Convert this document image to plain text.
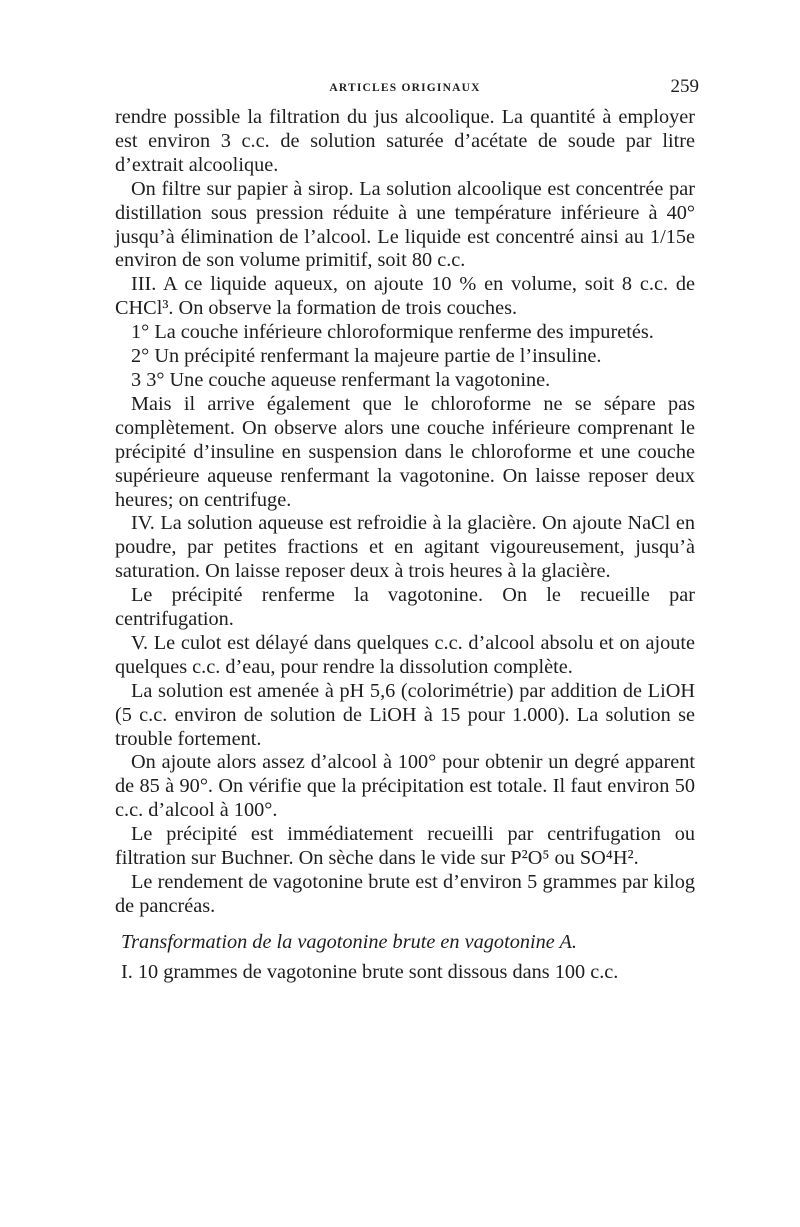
ARTICLES ORIGINAUX	259

rendre possible la filtration du jus alcoolique. La quantité à employer est environ 3 c.c. de solution saturée d’acétate de soude par litre d’extrait alcoolique.

On filtre sur papier à sirop. La solution alcoolique est concentrée par distillation sous pression réduite à une température inférieure à 40° jusqu’à élimination de l’alcool. Le liquide est concentré ainsi au 1/15e environ de son volume primitif, soit 80 c.c.

III. A ce liquide aqueux, on ajoute 10 % en volume, soit 8 c.c. de CHCl³. On observe la formation de trois couches.

1° La couche inférieure chloroformique renferme des impuretés.

2° Un précipité renfermant la majeure partie de l’insuline.

3 3° Une couche aqueuse renfermant la vagotonine.

Mais il arrive également que le chloroforme ne se sépare pas complètement. On observe alors une couche inférieure comprenant le précipité d’insuline en suspension dans le chloroforme et une couche supérieure aqueuse renfermant la vagotonine. On laisse reposer deux heures; on centrifuge.

IV. La solution aqueuse est refroidie à la glacière. On ajoute NaCl en poudre, par petites fractions et en agitant vigoureusement, jusqu’à saturation. On laisse reposer deux à trois heures à la glacière.

Le précipité renferme la vagotonine. On le recueille par centrifugation.

V. Le culot est délayé dans quelques c.c. d’alcool absolu et on ajoute quelques c.c. d’eau, pour rendre la dissolution complète.

La solution est amenée à pH 5,6 (colorimétrie) par addition de LiOH (5 c.c. environ de solution de LiOH à 15 pour 1.000). La solution se trouble fortement.

On ajoute alors assez d’alcool à 100° pour obtenir un degré apparent de 85 à 90°. On vérifie que la précipitation est totale. Il faut environ 50 c.c. d’alcool à 100°.

Le précipité est immédiatement recueilli par centrifugation ou filtration sur Buchner. On sèche dans le vide sur P²O⁵ ou SO⁴H².

Le rendement de vagotonine brute est d’environ 5 grammes par kilog de pancréas.

Transformation de la vagotonine brute en vagotonine A.

I. 10 grammes de vagotonine brute sont dissous dans 100 c.c.
